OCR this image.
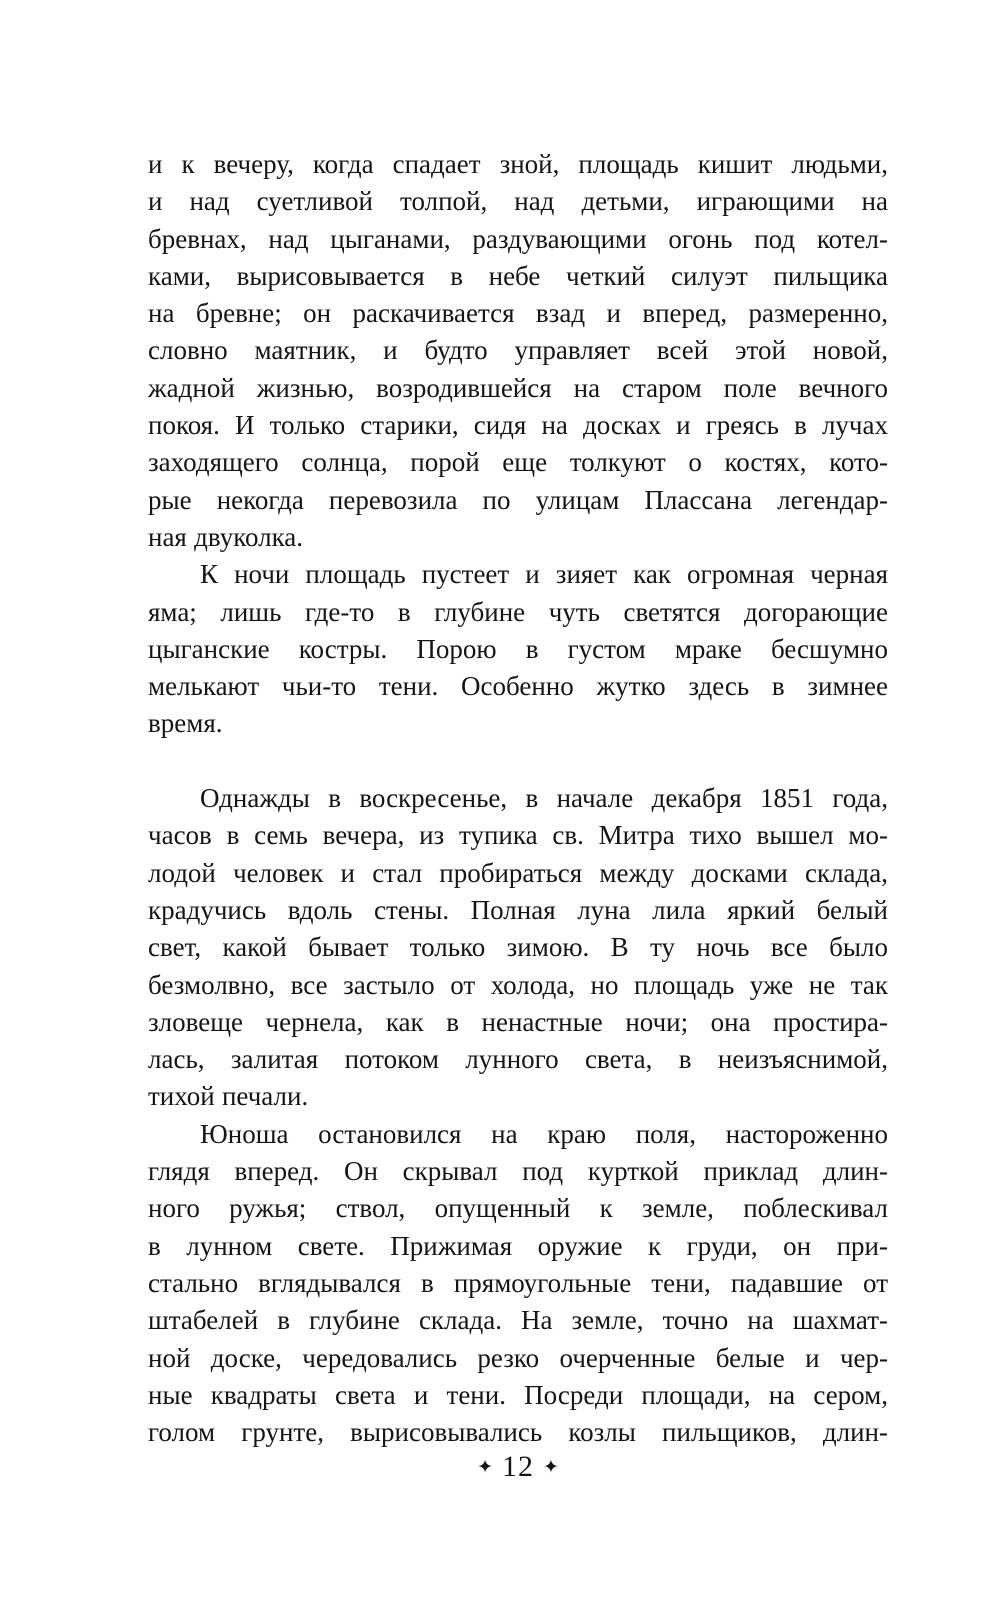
и к вечеру, когда спадает зной, площадь кишит людьми,
и над суетливой толпой, над детьми, играющими на
бревнах, над цыганами, раздувающими огонь под котел-
ками, вырисовывается в небе четкий силуэт пильщика
на бревне; он раскачивается взад и вперед, размеренно,
словно маятник, и будто управляет всей этой новой,
жадной жизнью, возродившейся на старом поле вечного
покоя. И только старики, сидя на досках и греясь в лучах
заходящего солнца, порой еще толкуют о костях, кото-
рые некогда перевозила по улицам Плассана легендар-
ная двуколка.
К ночи площадь пустеет и зияет как огромная черная
яма; лишь где-то в глубине чуть светятся догорающие
цыганские костры. Порою в густом мраке бесшумно
мелькают чьи-то тени. Особенно жутко здесь в зимнее
время.
Однажды в воскресенье, в начале декабря 1851 года,
часов в семь вечера, из тупика св. Митра тихо вышел мо-
лодой человек и стал пробираться между досками склада,
крадучись вдоль стены. Полная луна лила яркий белый
свет, какой бывает только зимою. В ту ночь все было
безмолвно, все застыло от холода, но площадь уже не так
зловеще чернела, как в ненастные ночи; она простира-
лась, залитая потоком лунного света, в неизъяснимой,
тихой печали.
Юноша остановился на краю поля, настороженно
глядя вперед. Он скрывал под курткой приклад длин-
ного ружья; ствол, опущенный к земле, поблескивал
в лунном свете. Прижимая оружие к груди, он при-
стально вглядывался в прямоугольные тени, падавшие от
штабелей в глубине склада. На земле, точно на шахмат-
ной доске, чередовались резко очерченные белые и чер-
ные квадраты света и тени. Посреди площади, на сером,
голом грунте, вырисовывались козлы пильщиков, длин-
✦ 12 ✦
